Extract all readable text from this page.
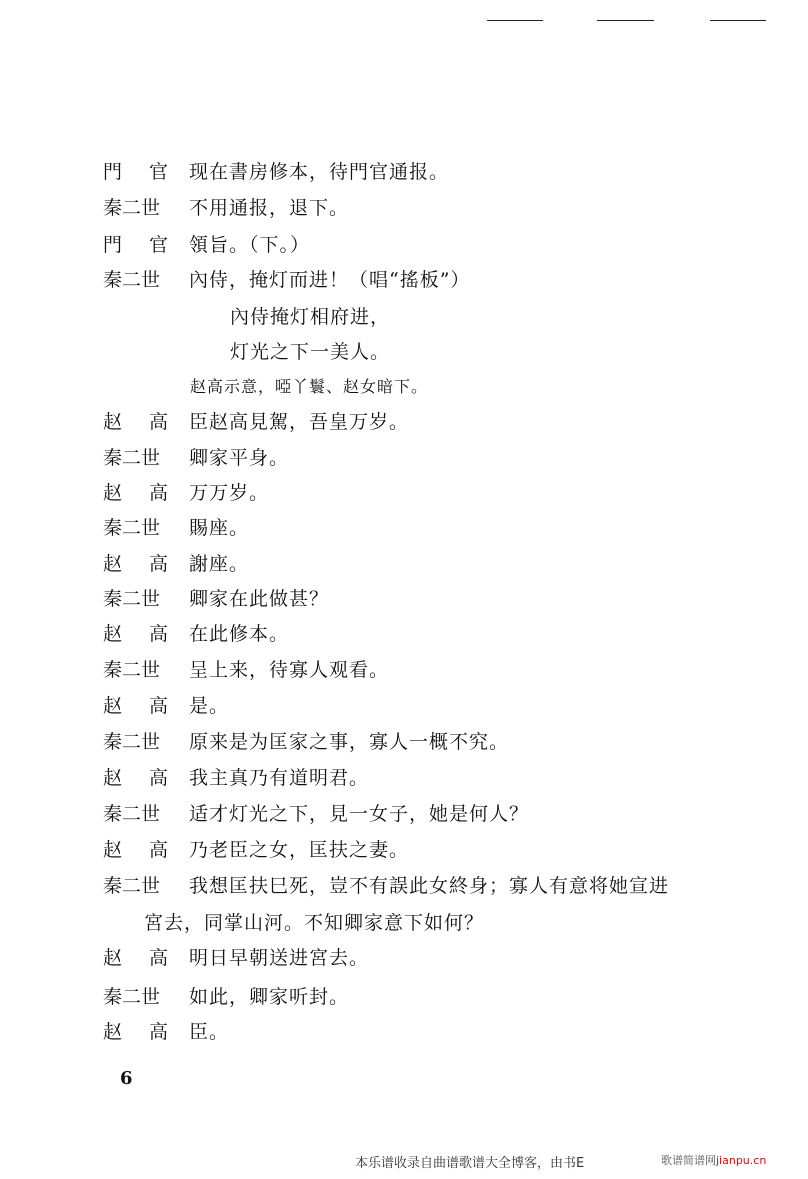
門 官 现在書房修本，待門官通报。
秦二世 不用通报，退下。
門 官 領旨。（下。）
秦二世 內侍，掩灯而进！（唱“搖板”）
內侍掩灯相府进，
灯光之下一美人。
赵高示意，啞丫鬟、赵女暗下。
赵 高 臣赵高見駕，吾皇万岁。
秦二世 卿家平身。
赵 高 万万岁。
秦二世 賜座。
赵 高 謝座。
秦二世 卿家在此做甚？
赵 高 在此修本。
秦二世 呈上来，待寡人观看。
赵 高 是。
秦二世 原来是为匡家之事，寡人一概不究。
赵 高 我主真乃有道明君。
秦二世 适才灯光之下，見一女子，她是何人？
赵 高 乃老臣之女，匡扶之妻。
秦二世 我想匡扶巳死，豈不有誤此女終身；寡人有意将她宣进
宮去，同掌山河。不知卿家意下如何？
赵 高 明日早朝送进宮去。
秦二世 如此，卿家听封。
赵 高 臣。
6
本乐谱收录自曲谱歌谱大全博客，由书E	歌谱简谱网jianpu.cn
